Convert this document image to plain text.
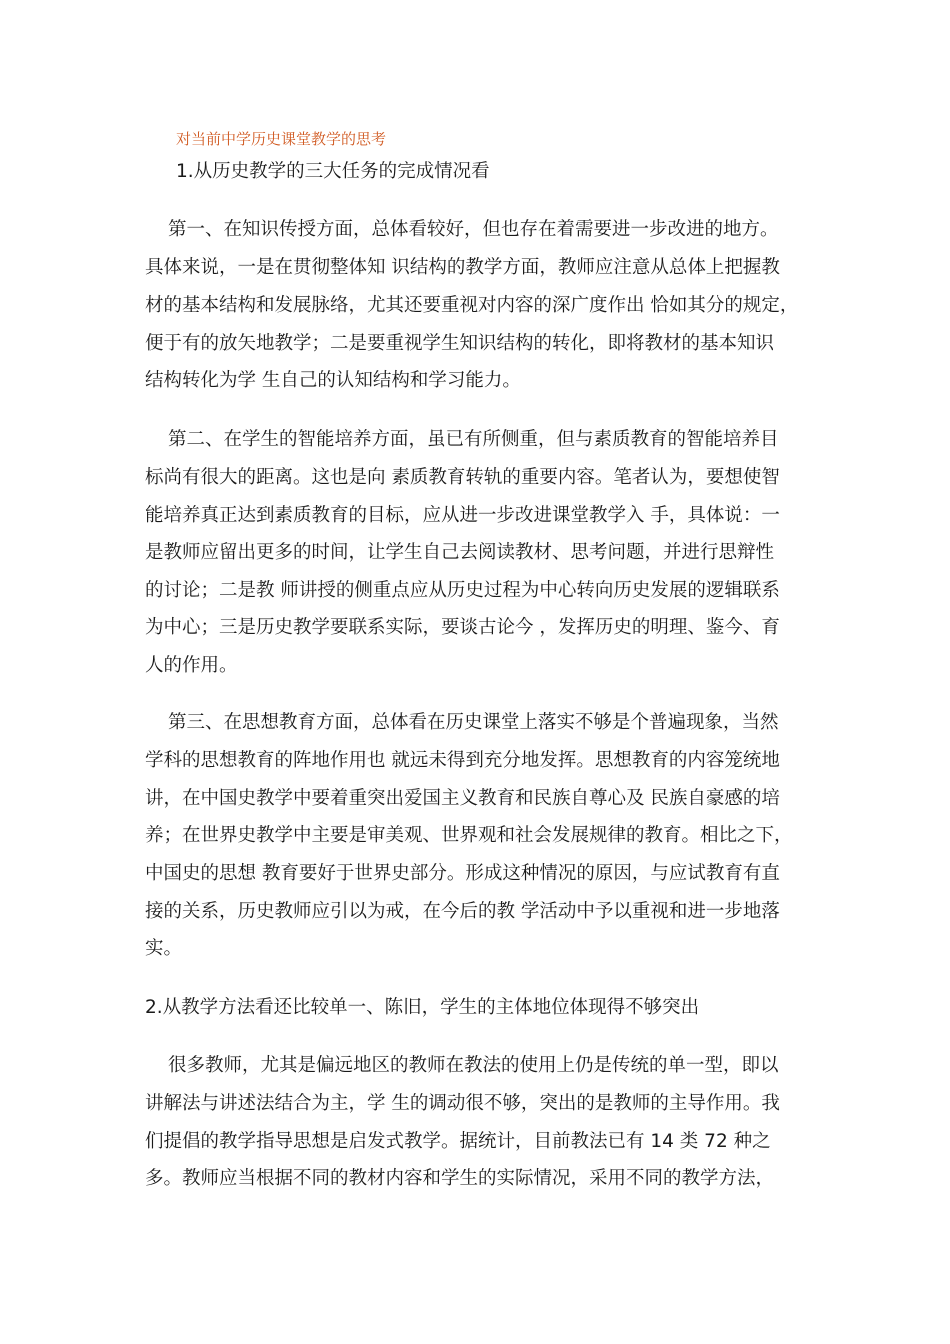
对当前中学历史课堂教学的思考
1.从历史教学的三大任务的完成情况看
第一、在知识传授方面，总体看较好，但也存在着需要进一步改进的地方。
具体来说，一是在贯彻整体知 识结构的教学方面，教师应注意从总体上把握教
材的基本结构和发展脉络，尤其还要重视对内容的深广度作出 恰如其分的规定，
便于有的放矢地教学；二是要重视学生知识结构的转化，即将教材的基本知识
结构转化为学 生自己的认知结构和学习能力。
第二、在学生的智能培养方面，虽已有所侧重，但与素质教育的智能培养目
标尚有很大的距离。这也是向 素质教育转轨的重要内容。笔者认为，要想使智
能培养真正达到素质教育的目标，应从进一步改进课堂教学入 手，具体说：一
是教师应留出更多的时间，让学生自己去阅读教材、思考问题，并进行思辩性
的讨论；二是教 师讲授的侧重点应从历史过程为中心转向历史发展的逻辑联系
为中心；三是历史教学要联系实际，要谈古论今 ，发挥历史的明理、鉴今、育
人的作用。
第三、在思想教育方面，总体看在历史课堂上落实不够是个普遍现象，当然
学科的思想教育的阵地作用也 就远未得到充分地发挥。思想教育的内容笼统地
讲，在中国史教学中要着重突出爱国主义教育和民族自尊心及 民族自豪感的培
养；在世界史教学中主要是审美观、世界观和社会发展规律的教育。相比之下，
中国史的思想 教育要好于世界史部分。形成这种情况的原因，与应试教育有直
接的关系，历史教师应引以为戒，在今后的教 学活动中予以重视和进一步地落
实。
2.从教学方法看还比较单一、陈旧，学生的主体地位体现得不够突出
很多教师，尤其是偏远地区的教师在教法的使用上仍是传统的单一型，即以
讲解法与讲述法结合为主，学 生的调动很不够，突出的是教师的主导作用。我
们提倡的教学指导思想是启发式教学。据统计，目前教法已有 14 类 72 种之
多。教师应当根据不同的教材内容和学生的实际情况，采用不同的教学方法，
